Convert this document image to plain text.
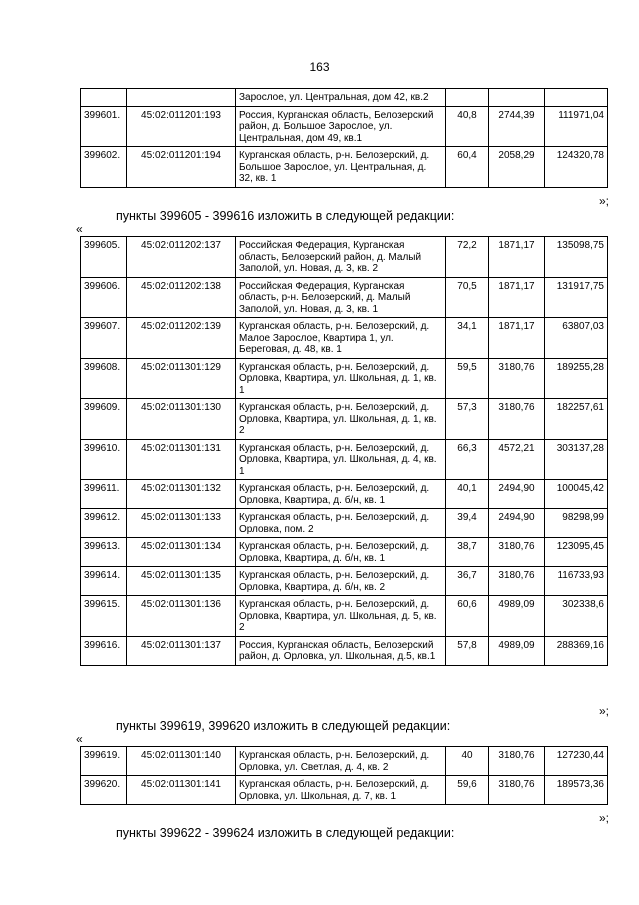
163
		Зарослое, ул. Центральная, дом 42, кв.2			
399601.	45:02:011201:193	Россия, Курганская область, Белозерский район, д. Большое Зарослое, ул. Центральная, дом 49, кв.1	40,8	2744,39	111971,04
399602.	45:02:011201:194	Курганская область, р-н. Белозерский, д. Большое Зарослое, ул. Центральная, д. 32, кв. 1	60,4	2058,29	124320,78
»;
пункты 399605 - 399616 изложить в следующей редакции:
«
399605.	45:02:011202:137	Российская Федерация, Курганская область, Белозерский район, д. Малый Заполой, ул. Новая, д. 3, кв. 2	72,2	1871,17	135098,75
399606.	45:02:011202:138	Российская Федерация, Курганская область, р-н. Белозерский, д. Малый Заполой, ул. Новая, д. 3, кв. 1	70,5	1871,17	131917,75
399607.	45:02:011202:139	Курганская область, р-н. Белозерский, д. Малое Зарослое, Квартира 1, ул. Береговая, д. 48, кв. 1	34,1	1871,17	63807,03
399608.	45:02:011301:129	Курганская область, р-н. Белозерский, д. Орловка, Квартира, ул. Школьная, д. 1, кв. 1	59,5	3180,76	189255,28
399609.	45:02:011301:130	Курганская область, р-н. Белозерский, д. Орловка, Квартира, ул. Школьная, д. 1, кв. 2	57,3	3180,76	182257,61
399610.	45:02:011301:131	Курганская область, р-н. Белозерский, д. Орловка, Квартира, ул. Школьная, д. 4, кв. 1	66,3	4572,21	303137,28
399611.	45:02:011301:132	Курганская область, р-н. Белозерский, д. Орловка, Квартира, д. б/н, кв. 1	40,1	2494,90	100045,42
399612.	45:02:011301:133	Курганская область, р-н. Белозерский, д. Орловка, пом. 2	39,4	2494,90	98298,99
399613.	45:02:011301:134	Курганская область, р-н. Белозерский, д. Орловка, Квартира, д. б/н, кв. 1	38,7	3180,76	123095,45
399614.	45:02:011301:135	Курганская область, р-н. Белозерский, д. Орловка, Квартира, д. б/н, кв. 2	36,7	3180,76	116733,93
399615.	45:02:011301:136	Курганская область, р-н. Белозерский, д. Орловка, Квартира, ул. Школьная, д. 5, кв. 2	60,6	4989,09	302338,6
399616.	45:02:011301:137	Россия, Курганская область, Белозерский район, д. Орловка, ул. Школьная, д.5, кв.1	57,8	4989,09	288369,16
»;
пункты 399619, 399620 изложить в следующей редакции:
«
399619.	45:02:011301:140	Курганская область, р-н. Белозерский, д. Орловка, ул. Светлая, д. 4, кв. 2	40	3180,76	127230,44
399620.	45:02:011301:141	Курганская область, р-н. Белозерский, д. Орловка, ул. Школьная, д. 7, кв. 1	59,6	3180,76	189573,36
»;
пункты 399622 - 399624 изложить в следующей редакции:
